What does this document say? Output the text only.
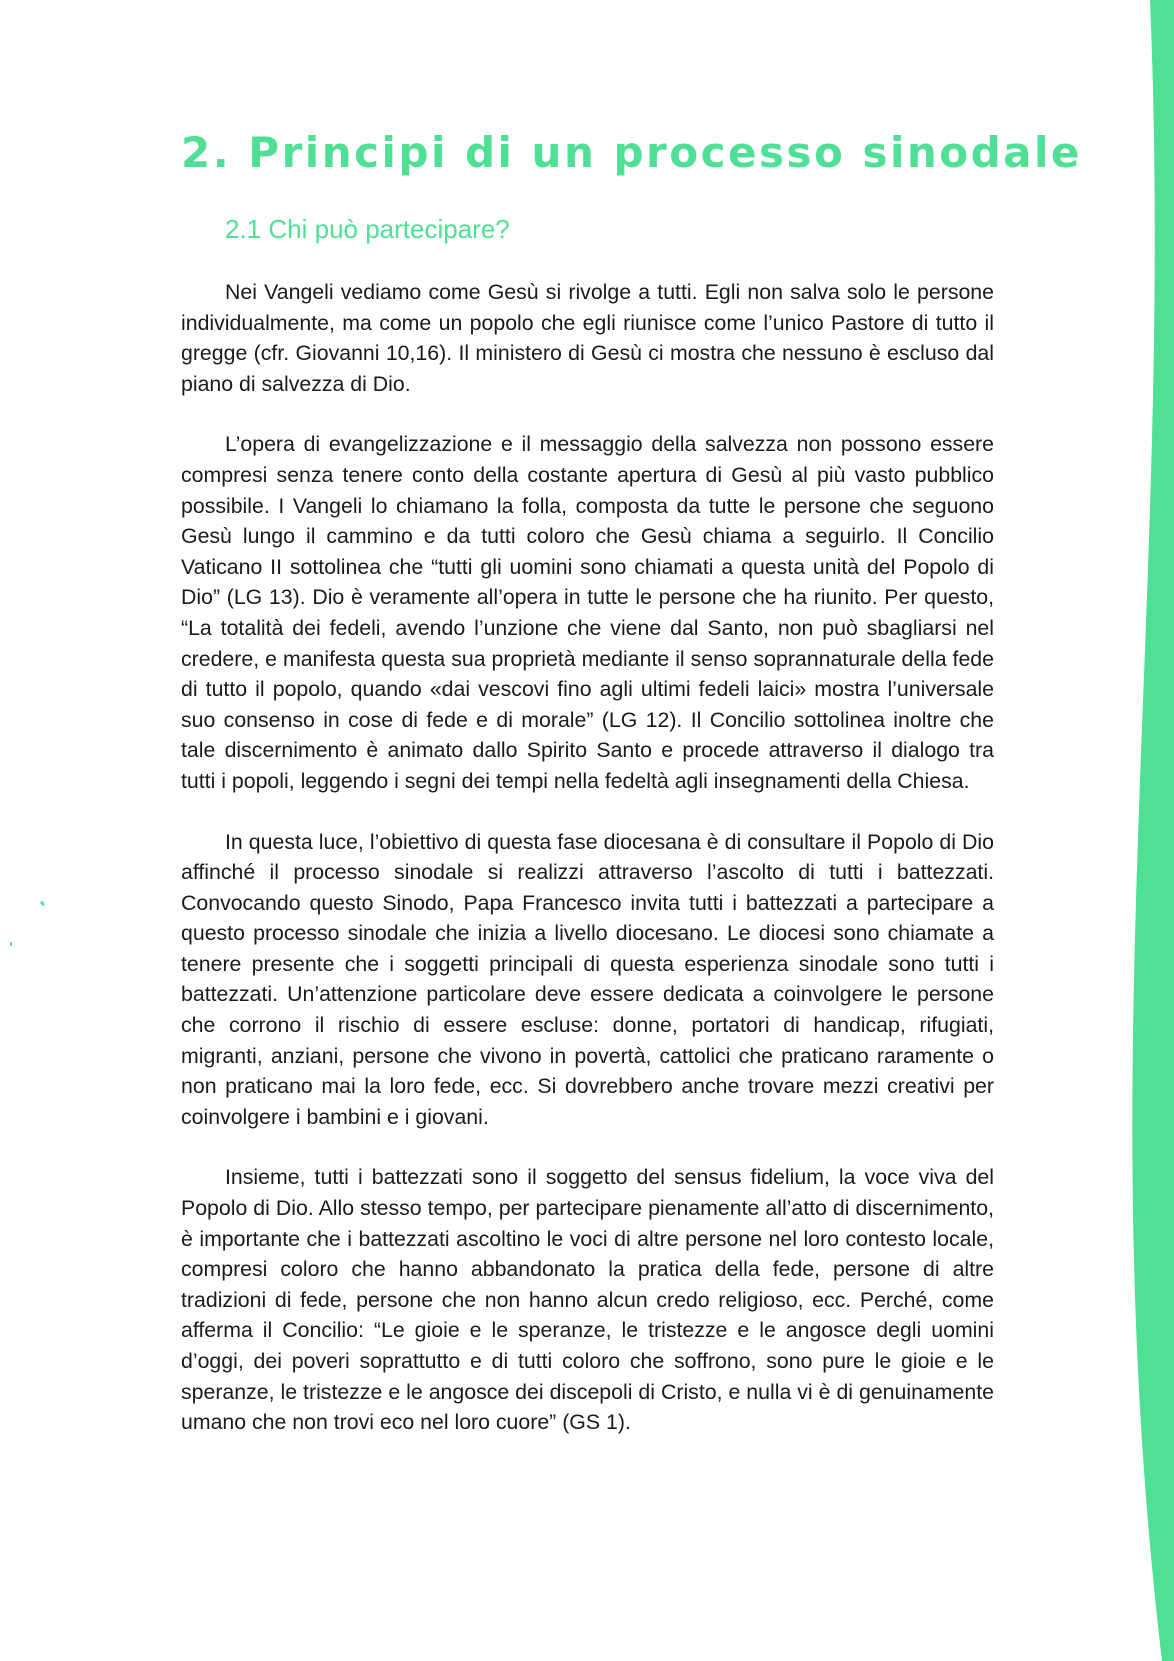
2. Principi di un processo sinodale
2.1 Chi può partecipare?

Nei Vangeli vediamo come Gesù si rivolge a tutti. Egli non salva solo le persone individualmente, ma come un popolo che egli riunisce come l’unico Pastore di tutto il gregge (cfr. Giovanni 10,16). Il ministero di Gesù ci mostra che nessuno è escluso dal piano di salvezza di Dio.

L’opera di evangelizzazione e il messaggio della salvezza non possono essere compresi senza tenere conto della costante apertura di Gesù al più vasto pubblico possibile. I Vangeli lo chiamano la folla, composta da tutte le persone che seguono Gesù lungo il cammino e da tutti coloro che Gesù chiama a seguirlo. Il Concilio Vaticano II sottolinea che “tutti gli uomini sono chiamati a questa unità del Popolo di Dio” (LG 13). Dio è veramente all’opera in tutte le persone che ha riunito. Per questo, “La totalità dei fedeli, avendo l’unzione che viene dal Santo, non può sbagliarsi nel credere, e manifesta questa sua proprietà mediante il senso soprannaturale della fede di tutto il popolo, quando «dai vescovi fino agli ultimi fedeli laici» mostra l’universale suo consenso in cose di fede e di morale” (LG 12). Il Concilio sottolinea inoltre che tale discernimento è animato dallo Spirito Santo e procede attraverso il dialogo tra tutti i popoli, leggendo i segni dei tempi nella fedeltà agli insegnamenti della Chiesa.

In questa luce, l’obiettivo di questa fase diocesana è di consultare il Popolo di Dio affinché il processo sinodale si realizzi attraverso l’ascolto di tutti i battezzati. Convocando questo Sinodo, Papa Francesco invita tutti i battezzati a partecipare a questo processo sinodale che inizia a livello diocesano. Le diocesi sono chiamate a tenere presente che i soggetti principali di questa esperienza sinodale sono tutti i battezzati. Un’attenzione particolare deve essere dedicata a coinvolgere le persone che corrono il rischio di essere escluse: donne, portatori di handicap, rifugiati, migranti, anziani, persone che vivono in povertà, cattolici che praticano raramente o non praticano mai la loro fede, ecc. Si dovrebbero anche trovare mezzi creativi per coinvolgere i bambini e i giovani.

Insieme, tutti i battezzati sono il soggetto del sensus fidelium, la voce viva del Popolo di Dio. Allo stesso tempo, per partecipare pienamente all’atto di discernimento, è importante che i battezzati ascoltino le voci di altre persone nel loro contesto locale, compresi coloro che hanno abbandonato la pratica della fede, persone di altre tradizioni di fede, persone che non hanno alcun credo religioso, ecc. Perché, come afferma il Concilio: “Le gioie e le speranze, le tristezze e le angosce degli uomini d’oggi, dei poveri soprattutto e di tutti coloro che soffrono, sono pure le gioie e le speranze, le tristezze e le angosce dei discepoli di Cristo, e nulla vi è di genuinamente umano che non trovi eco nel loro cuore” (GS 1).
